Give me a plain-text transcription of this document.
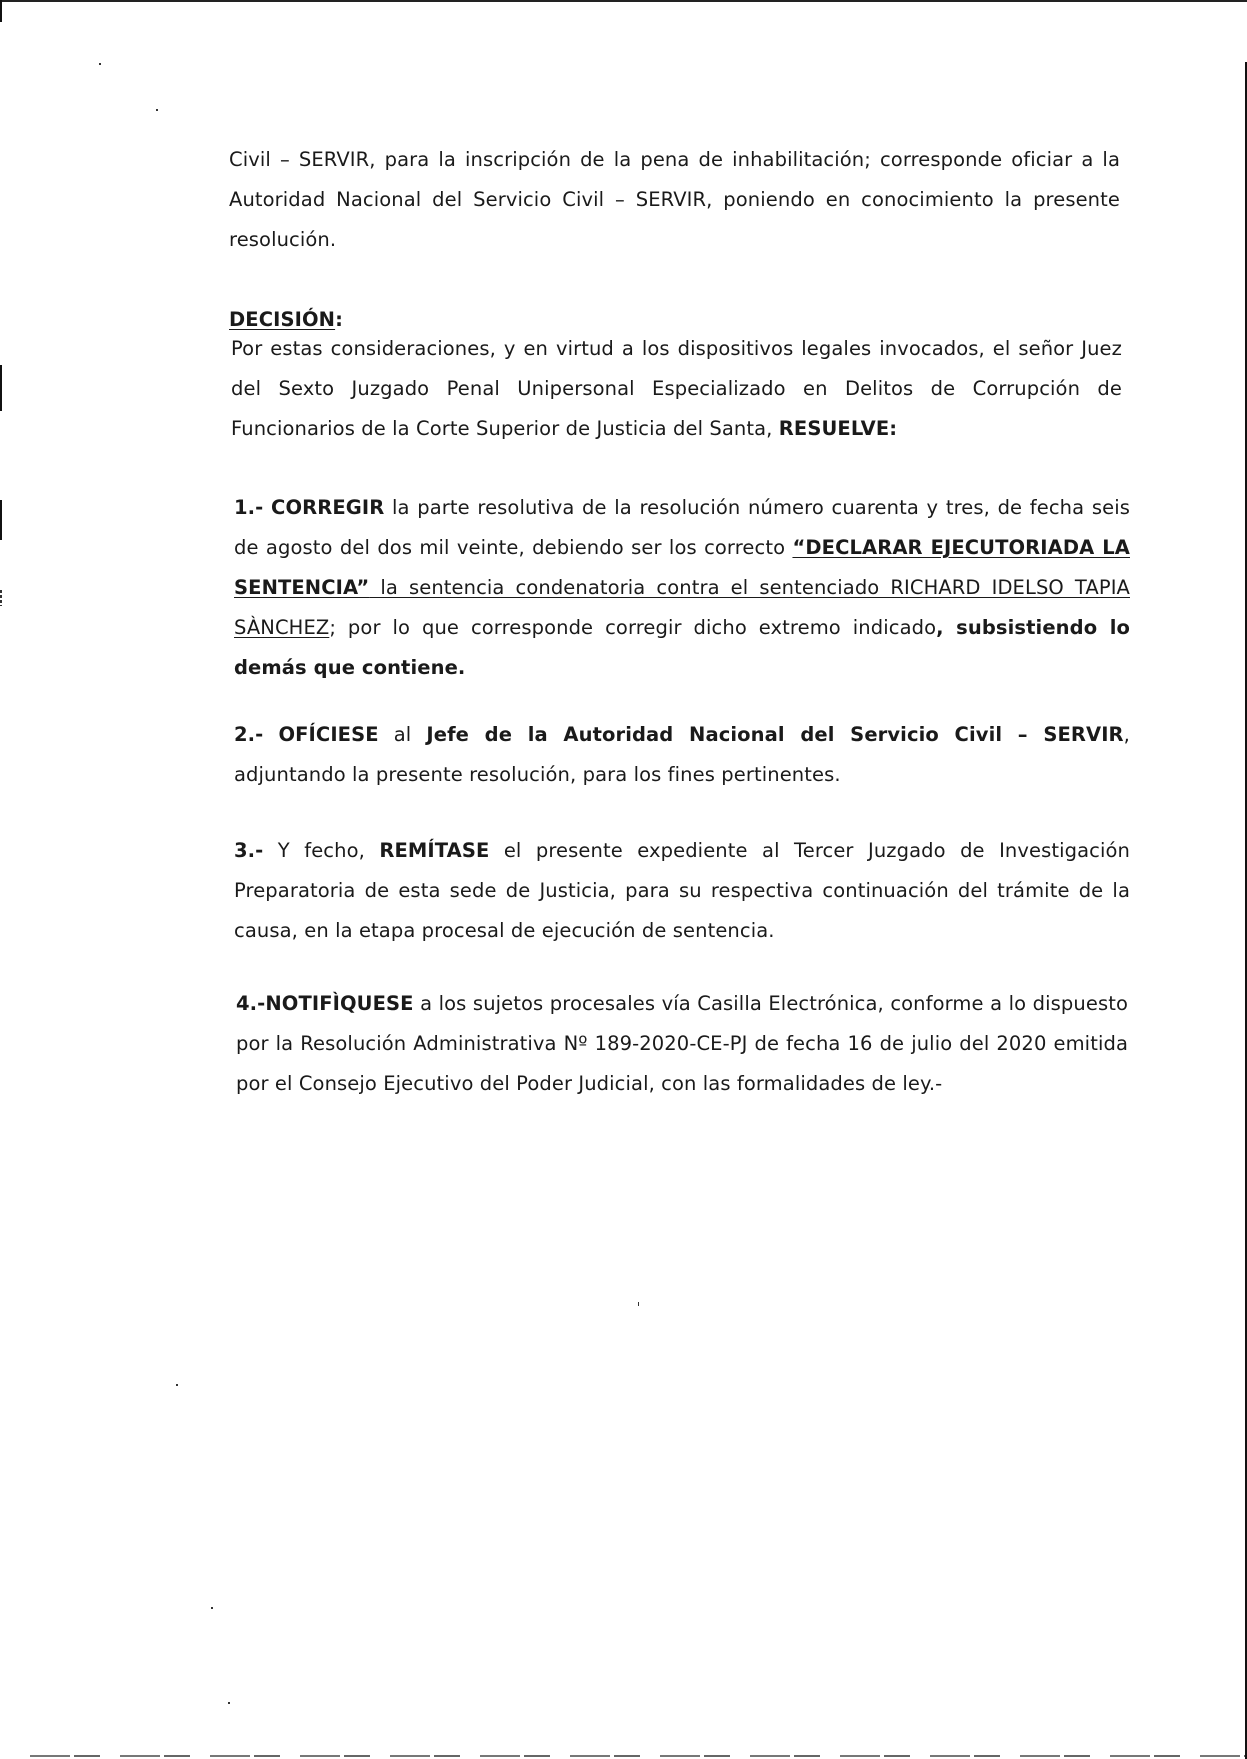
Civil – SERVIR, para la inscripción de la pena de inhabilitación; corresponde oficiar a la Autoridad Nacional del Servicio Civil – SERVIR, poniendo en conocimiento la presente resolución.

DECISIÓN:

Por estas consideraciones, y en virtud a los dispositivos legales invocados, el señor Juez del Sexto Juzgado Penal Unipersonal Especializado en Delitos de Corrupción de Funcionarios de la Corte Superior de Justicia del Santa, RESUELVE:

1.- CORREGIR la parte resolutiva de la resolución número cuarenta y tres, de fecha seis de agosto del dos mil veinte, debiendo ser los correcto “DECLARAR EJECUTORIADA LA SENTENCIA” la sentencia condenatoria contra el sentenciado RICHARD IDELSO TAPIA SÀNCHEZ; por lo que corresponde corregir dicho extremo indicado, subsistiendo lo demás que contiene.

2.- OFÍCIESE al Jefe de la Autoridad Nacional del Servicio Civil – SERVIR, adjuntando la presente resolución, para los fines pertinentes.

3.- Y fecho, REMÍTASE el presente expediente al Tercer Juzgado de Investigación Preparatoria de esta sede de Justicia, para su respectiva continuación del trámite de la causa, en la etapa procesal de ejecución de sentencia.

4.-NOTIFÌQUESE a los sujetos procesales vía Casilla Electrónica, conforme a lo dispuesto por la Resolución Administrativa Nº 189-2020-CE-PJ de fecha 16 de julio del 2020 emitida por el Consejo Ejecutivo del Poder Judicial, con las formalidades de ley.-
